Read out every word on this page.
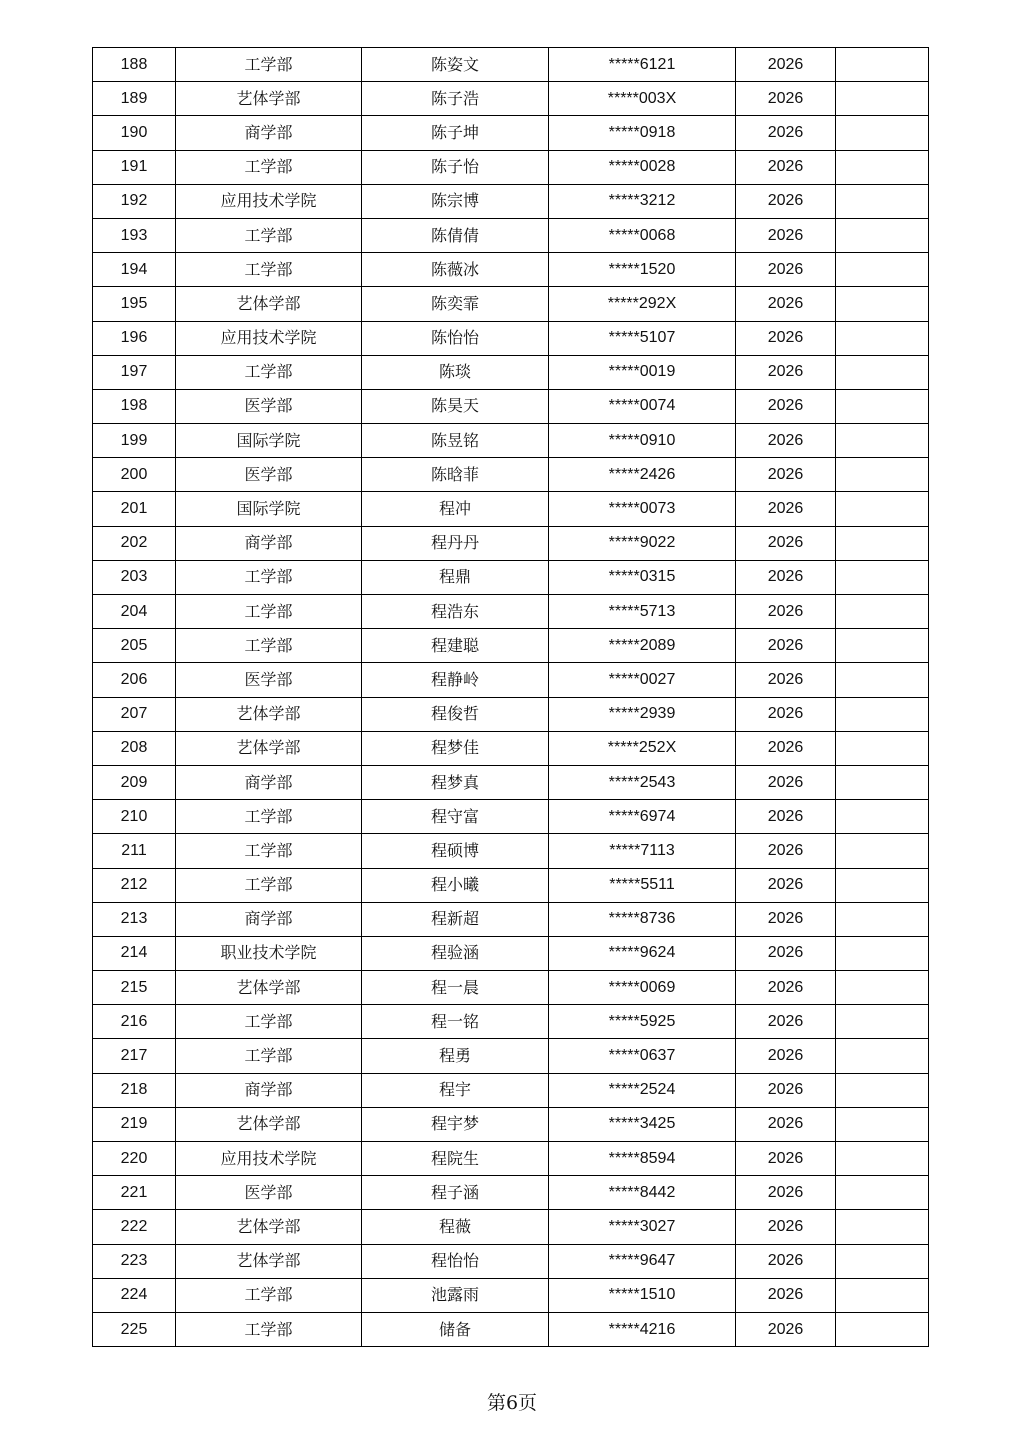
188	工学部	陈姿文	*****6121	2026	
189	艺体学部	陈子浩	*****003X	2026	
190	商学部	陈子坤	*****0918	2026	
191	工学部	陈子怡	*****0028	2026	
192	应用技术学院	陈宗博	*****3212	2026	
193	工学部	陈倩倩	*****0068	2026	
194	工学部	陈薇冰	*****1520	2026	
195	艺体学部	陈奕霏	*****292X	2026	
196	应用技术学院	陈怡怡	*****5107	2026	
197	工学部	陈琰	*****0019	2026	
198	医学部	陈昊天	*****0074	2026	
199	国际学院	陈昱铭	*****0910	2026	
200	医学部	陈晗菲	*****2426	2026	
201	国际学院	程冲	*****0073	2026	
202	商学部	程丹丹	*****9022	2026	
203	工学部	程鼎	*****0315	2026	
204	工学部	程浩东	*****5713	2026	
205	工学部	程建聪	*****2089	2026	
206	医学部	程静岭	*****0027	2026	
207	艺体学部	程俊哲	*****2939	2026	
208	艺体学部	程梦佳	*****252X	2026	
209	商学部	程梦真	*****2543	2026	
210	工学部	程守富	*****6974	2026	
211	工学部	程硕博	*****7113	2026	
212	工学部	程小曦	*****5511	2026	
213	商学部	程新超	*****8736	2026	
214	职业技术学院	程验涵	*****9624	2026	
215	艺体学部	程一晨	*****0069	2026	
216	工学部	程一铭	*****5925	2026	
217	工学部	程勇	*****0637	2026	
218	商学部	程宇	*****2524	2026	
219	艺体学部	程宇梦	*****3425	2026	
220	应用技术学院	程院生	*****8594	2026	
221	医学部	程子涵	*****8442	2026	
222	艺体学部	程薇	*****3027	2026	
223	艺体学部	程怡怡	*****9647	2026	
224	工学部	池露雨	*****1510	2026	
225	工学部	储备	*****4216	2026	
第6页
